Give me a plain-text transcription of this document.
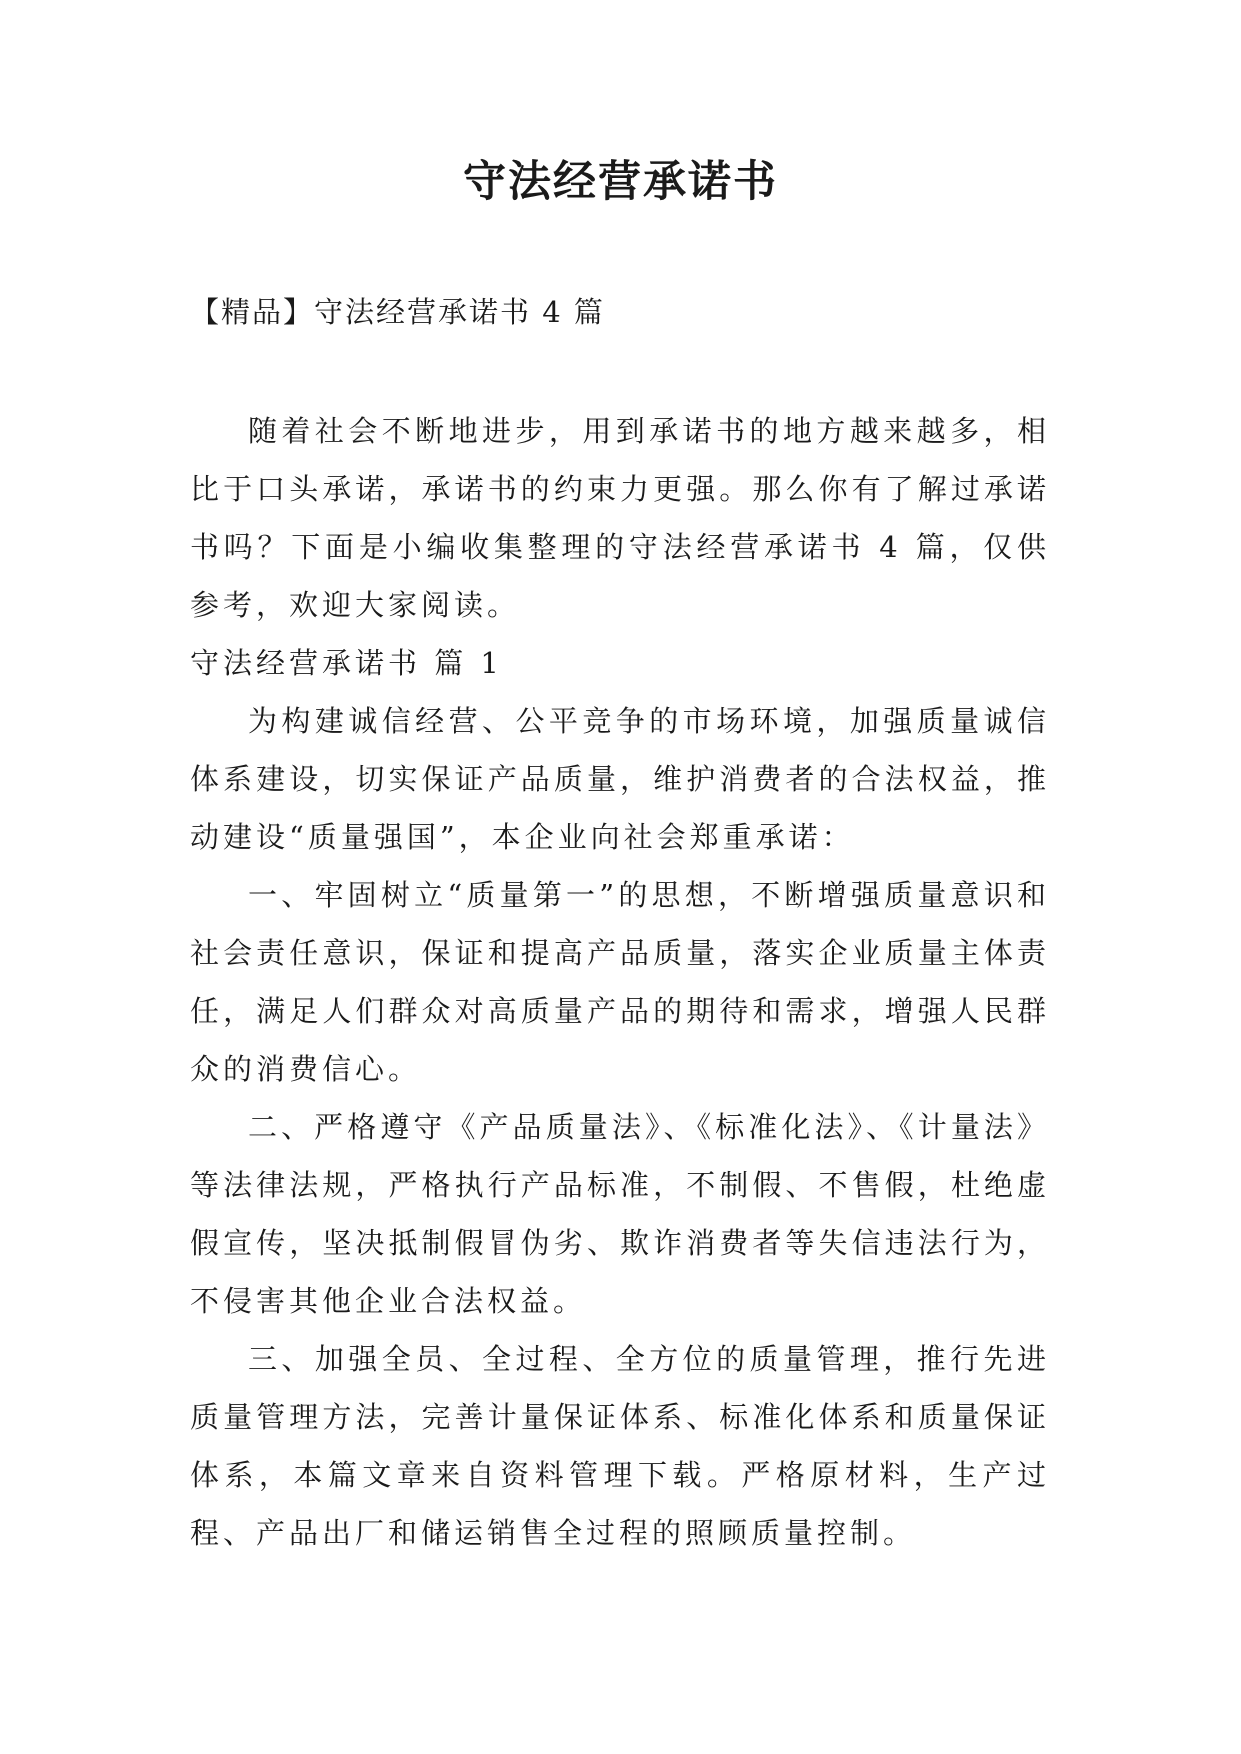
守法经营承诺书
【精品】守法经营承诺书 4 篇

随着社会不断地进步，用到承诺书的地方越来越多，相比于口头承诺，承诺书的约束力更强。那么你有了解过承诺书吗？下面是小编收集整理的守法经营承诺书 4 篇，仅供参考，欢迎大家阅读。

守法经营承诺书 篇 1

为构建诚信经营、公平竞争的市场环境，加强质量诚信体系建设，切实保证产品质量，维护消费者的合法权益，推动建设“质量强国”，本企业向社会郑重承诺：

一、牢固树立“质量第一”的思想，不断增强质量意识和社会责任意识，保证和提高产品质量，落实企业质量主体责任，满足人们群众对高质量产品的期待和需求，增强人民群众的消费信心。

二、严格遵守《产品质量法》、《标准化法》、《计量法》等法律法规，严格执行产品标准，不制假、不售假，杜绝虚假宣传，坚决抵制假冒伪劣、欺诈消费者等失信违法行为，不侵害其他企业合法权益。

三、加强全员、全过程、全方位的质量管理，推行先进质量管理方法，完善计量保证体系、标准化体系和质量保证体系，本篇文章来自资料管理下载。严格原材料，生产过程、产品出厂和储运销售全过程的照顾质量控制。
